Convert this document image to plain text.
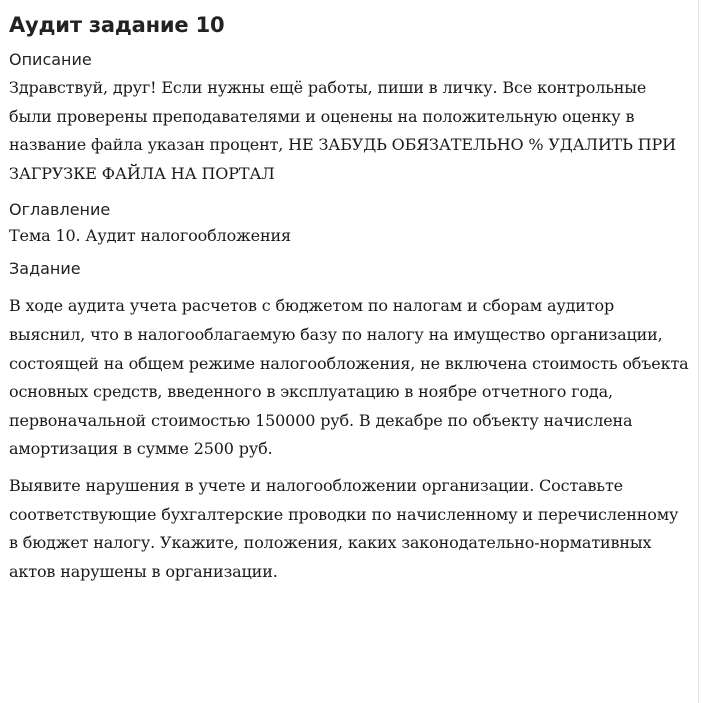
Аудит задание 10
Описание

Здравствуй, друг! Если нужны ещё работы, пиши в личку. Все контрольные были проверены преподавателями и оценены на положительную оценку в название файла указан процент, НЕ ЗАБУДЬ ОБЯЗАТЕЛЬНО % УДАЛИТЬ ПРИ ЗАГРУЗКЕ ФАЙЛА НА ПОРТАЛ

Оглавление

Тема 10. Аудит налогообложения

Задание

В ходе аудита учета расчетов с бюджетом по налогам и сборам аудитор выяснил, что в налогооблагаемую базу по налогу на имущество организации, состоящей на общем режиме налогообложения, не включена стоимость объекта основных средств, введенного в эксплуатацию в ноябре отчетного года, первоначальной стоимостью 150000 руб. В декабре по объекту начислена амортизация в сумме 2500 руб.

Выявите нарушения в учете и налогообложении организации. Составьте соответствующие бухгалтерские проводки по начисленному и перечисленному в бюджет налогу. Укажите, положения, каких законодательно-нормативных актов нарушены в организации.
